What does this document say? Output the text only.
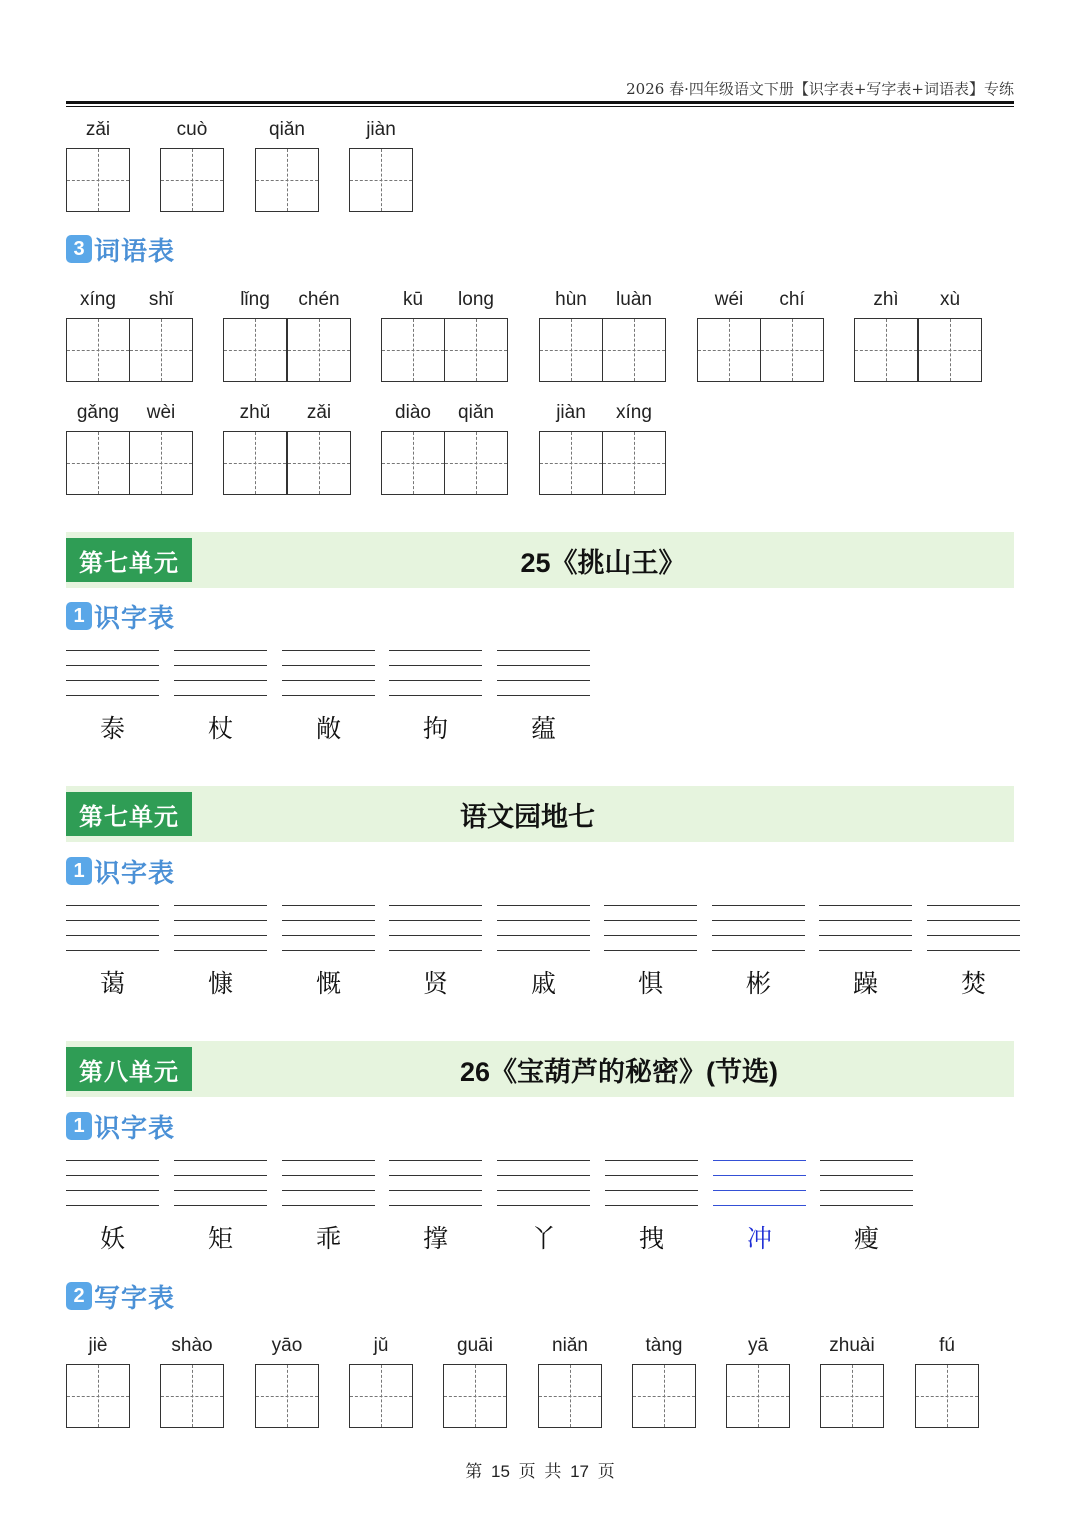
2026 春·四年级语文下册【识字表+写字表+词语表】专练
zǎi	cuò	qiǎn	jiàn
3 词语表
xíng	shǐ	lǐng	chén	kū	long	hùn	luàn	wéi	chí	zhì	xù
gǎng	wèi	zhǔ	zǎi	diào	qiǎn	jiàn	xíng
第七单元	25《挑山王》
1 识字表
泰	杖	敞	拘	蕴
第七单元	语文园地七
1 识字表
蔼	慷	慨	贤	戚	惧	彬	躁	焚
第八单元	26《宝葫芦的秘密》(节选)
1 识字表
妖	矩	乖	撑	丫	拽	冲	瘦
2 写字表
jiè	shào	yāo	jǔ	guāi	niǎn	tàng	yā	zhuài	fú
第 15 页 共 17 页
